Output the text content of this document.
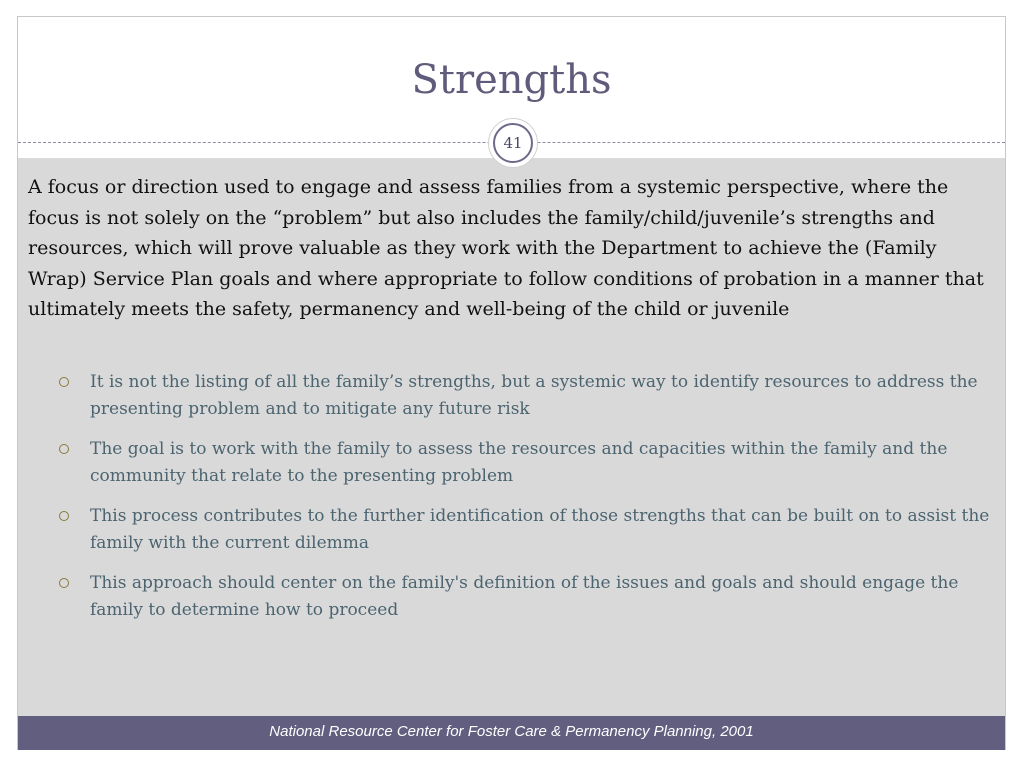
Strengths
41

A focus or direction used to engage and assess families from a systemic perspective, where the focus is not solely on the “problem” but also includes the family/child/juvenile’s strengths and resources, which will prove valuable as they work with the Department to achieve the (Family Wrap) Service Plan goals and where appropriate to follow conditions of probation in a manner that ultimately meets the safety, permanency and well-being of the child or juvenile

It is not the listing of all the family’s strengths, but a systemic way to identify resources to address the presenting problem and to mitigate any future risk
The goal is to work with the family to assess the resources and capacities within the family and the community that relate to the presenting problem
This process contributes to the further identification of those strengths that can be built on to assist the family with the current dilemma
This approach should center on the family's definition of the issues and goals and should engage the family to determine how to proceed
National Resource Center for Foster Care & Permanency Planning, 2001
